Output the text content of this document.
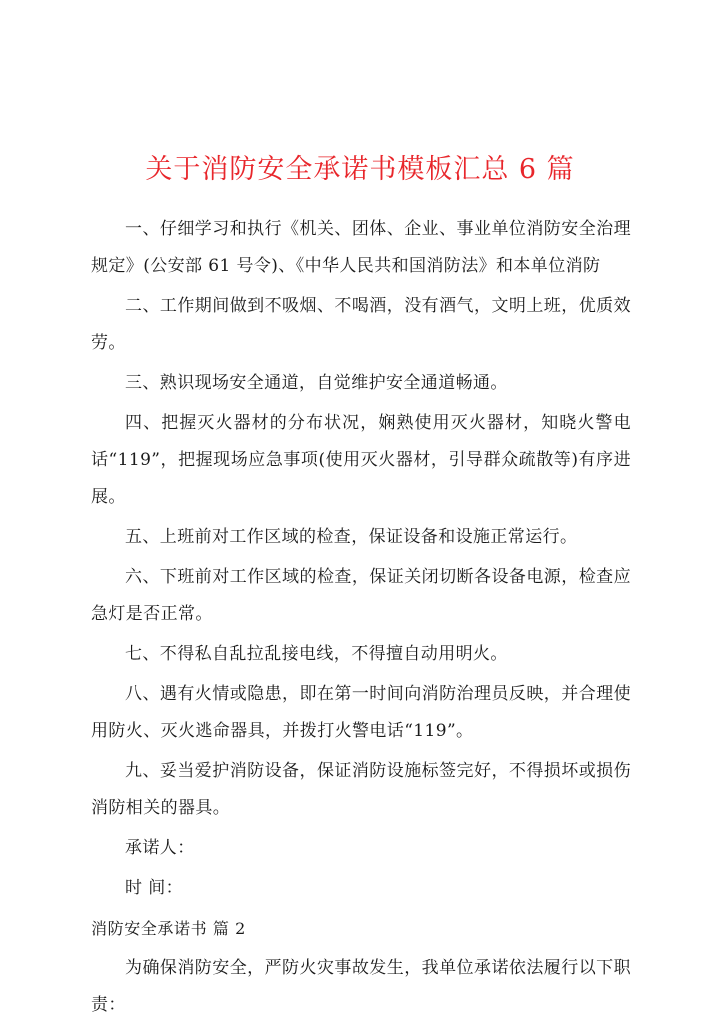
关于消防安全承诺书模板汇总 6 篇

一、仔细学习和执行《机关、团体、企业、事业单位消防安全治理规定》(公安部 61 号令)、《中华人民共和国消防法》和本单位消防

二、工作期间做到不吸烟、不喝酒，没有酒气，文明上班，优质效劳。

三、熟识现场安全通道，自觉维护安全通道畅通。

四、把握灭火器材的分布状况，娴熟使用灭火器材，知晓火警电话“119”，把握现场应急事项(使用灭火器材，引导群众疏散等)有序进展。

五、上班前对工作区域的检查，保证设备和设施正常运行。

六、下班前对工作区域的检查，保证关闭切断各设备电源，检查应急灯是否正常。

七、不得私自乱拉乱接电线，不得擅自动用明火。

八、遇有火情或隐患，即在第一时间向消防治理员反映，并合理使用防火、灭火逃命器具，并拨打火警电话“119”。

九、妥当爱护消防设备，保证消防设施标签完好，不得损坏或损伤消防相关的器具。

承诺人：

时 间：

消防安全承诺书 篇 2

为确保消防安全，严防火灾事故发生，我单位承诺依法履行以下职责：
